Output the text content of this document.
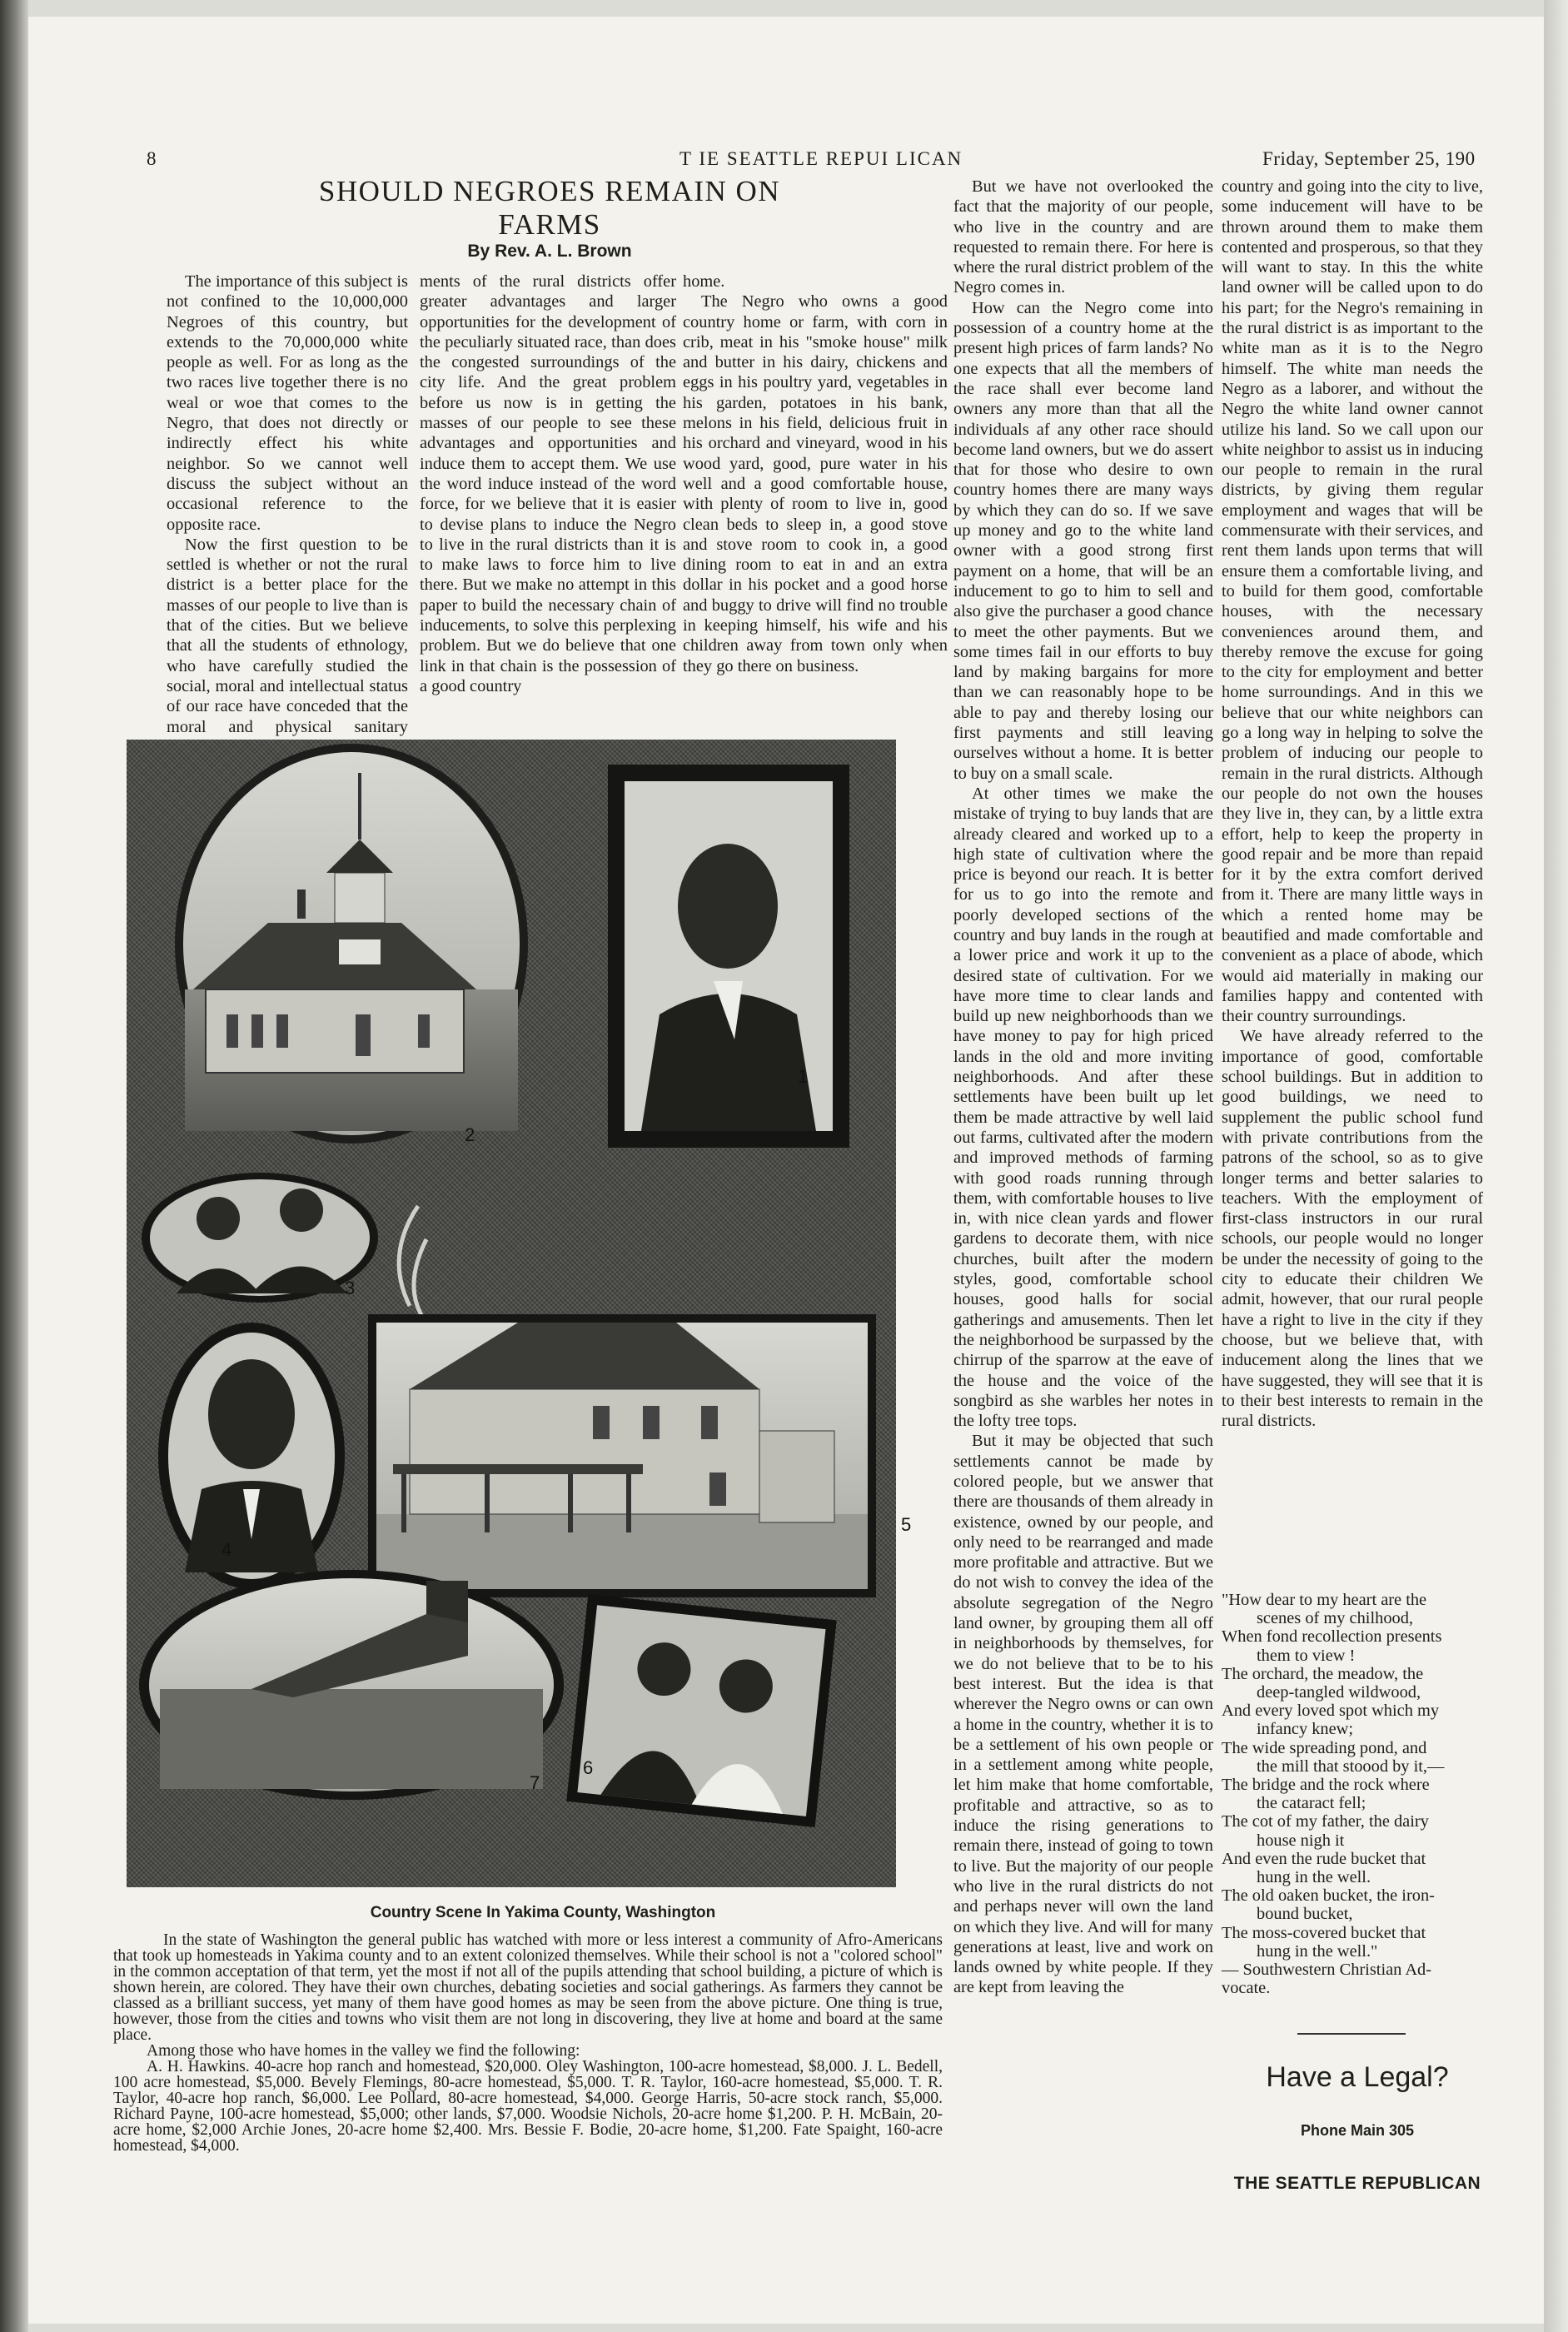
8	T IE SEATTLE REPUI LICAN	Friday, September 25, 190
SHOULD NEGROES REMAIN ON FARMS
By Rev. A. L. Brown

The importance of this subject is not confined to the 10,000,000 Negroes of this country, but extends to the 70,000,000 white people as well. For as long as the two races live together there is no weal or woe that comes to the Negro, that does not directly or indirectly effect his white neighbor. So we cannot well discuss the subject without an occasional reference to the opposite race.

Now the first question to be settled is whether or not the rural district is a better place for the masses of our people to live than is that of the cities. But we believe that all the students of ethnology, who have carefully studied the social, moral and intellectual status of our race have conceded that the moral and physical sanitary

ments of the rural districts offer greater advantages and larger opportunities for the development of the peculiarly situated race, than does the congested surroundings of the city life. And the great problem before us now is in getting the masses of our people to see these advantages and opportunities and induce them to accept them. We use the word induce instead of the word force, for we believe that it is easier to devise plans to induce the Negro to live in the rural districts than it is to make laws to force him to live there. But we make no attempt in this paper to build the necessary chain of inducements, to solve this perplexing problem. But we do believe that one link in that chain is the possession of a good country

home.

The Negro who owns a good country home or farm, with corn in crib, meat in his "smoke house" milk and butter in his dairy, chickens and eggs in his poultry yard, vegetables in his garden, potatoes in his bank, melons in his field, delicious fruit in his orchard and vineyard, wood in his wood yard, good, pure water in his well and a good comfortable house, with plenty of room to live in, good clean beds to sleep in, a good stove and stove room to cook in, a good dining room to eat in and an extra dollar in his pocket and a good horse and buggy to drive will find no trouble in keeping himself, his wife and his children away from town only when they go there on business.

But we have not overlooked the fact that the majority of our people, who live in the country and are requested to remain there. For here is where the rural district problem of the Negro comes in.

How can the Negro come into possession of a country home at the present high prices of farm lands? No one expects that all the members of the race shall ever become land owners any more than that all the individuals af any other race should become land owners, but we do assert that for those who desire to own country homes there are many ways by which they can do so. If we save up money and go to the white land owner with a good strong first payment on a home, that will be an inducement to go to him to sell and also give the purchaser a good chance to meet the other payments. But we some times fail in our efforts to buy land by making bargains for more than we can reasonably hope to be able to pay and thereby losing our first payments and still leaving ourselves without a home. It is better to buy on a small scale.

At other times we make the mistake of trying to buy lands that are already cleared and worked up to a high state of cultivation where the price is beyond our reach. It is better for us to go into the remote and poorly developed sections of the country and buy lands in the rough at a lower price and work it up to the desired state of cultivation. For we have more time to clear lands and build up new neighborhoods than we have money to pay for high priced lands in the old and more inviting neighborhoods. And after these settlements have been built up let them be made attractive by well laid out farms, cultivated after the modern and improved methods of farming with good roads running through them, with comfortable houses to live in, with nice clean yards and flower gardens to decorate them, with nice churches, built after the modern styles, good, comfortable school houses, good halls for social gatherings and amusements. Then let the neighborhood be surpassed by the chirrup of the sparrow at the eave of the house and the voice of the songbird as she warbles her notes in the lofty tree tops.

But it may be objected that such settlements cannot be made by colored people, but we answer that there are thousands of them already in existence, owned by our people, and only need to be rearranged and made more profitable and attractive. But we do not wish to convey the idea of the absolute segregation of the Negro land owner, by grouping them all off in neighborhoods by themselves, for we do not believe that to be to his best interest. But the idea is that wherever the Negro owns or can own a home in the country, whether it is to be a settlement of his own people or in a settlement among white people, let him make that home comfortable, profitable and attractive, so as to induce the rising generations to remain there, instead of going to town to live. But the majority of our people who live in the rural districts do not and perhaps never will own the land on which they live. And will for many generations at least, live and work on lands owned by white people. If they are kept from leaving the

country and going into the city to live, some inducement will have to be thrown around them to make them contented and prosperous, so that they will want to stay. In this the white land owner will be called upon to do his part; for the Negro's remaining in the rural district is as important to the white man as it is to the Negro himself. The white man needs the Negro as a laborer, and without the Negro the white land owner cannot utilize his land. So we call upon our white neighbor to assist us in inducing our people to remain in the rural districts, by giving them regular employment and wages that will be commensurate with their services, and rent them lands upon terms that will ensure them a comfortable living, and to build for them good, comfortable houses, with the necessary conveniences around them, and thereby remove the excuse for going to the city for employment and better home surroundings. And in this we believe that our white neighbors can go a long way in helping to solve the problem of inducing our people to remain in the rural districts. Although our people do not own the houses they live in, they can, by a little extra effort, help to keep the property in good repair and be more than repaid for it by the extra comfort derived from it. There are many little ways in which a rented home may be beautified and made comfortable and convenient as a place of abode, which would aid materially in making our families happy and contented with their country surroundings.

We have already referred to the importance of good, comfortable school buildings. But in addition to good buildings, we need to supplement the public school fund with private contributions from the patrons of the school, so as to give longer terms and better salaries to teachers. With the employment of first-class instructors in our rural schools, our people would no longer be under the necessity of going to the city to educate their children We admit, however, that our rural people have a right to live in the city if they choose, but we believe that, with inducement along the lines that we have suggested, they will see that it is to their best interests to remain in the rural districts.

1
2
3
4
5
6
7
Country Scene In Yakima County, Washington

In the state of Washington the general public has watched with more or less interest a community of Afro-Americans that took up homesteads in Yakima county and to an extent colonized themselves. While their school is not a "colored school" in the common acceptation of that term, yet the most if not all of the pupils attending that school building, a picture of which is shown herein, are colored. They have their own churches, debating societies and social gatherings. As farmers they cannot be classed as a brilliant success, yet many of them have good homes as may be seen from the above picture. One thing is true, however, those from the cities and towns who visit them are not long in discovering, they live at home and board at the same place.

Among those who have homes in the valley we find the following:

A. H. Hawkins. 40-acre hop ranch and homestead, $20,000. Oley Washington, 100-acre homestead, $8,000. J. L. Bedell, 100 acre homestead, $5,000. Bevely Flemings, 80-acre homestead, $5,000. T. R. Taylor, 160-acre homestead, $5,000. T. R. Taylor, 40-acre hop ranch, $6,000. Lee Pollard, 80-acre homestead, $4,000. George Harris, 50-acre stock ranch, $5,000. Richard Payne, 100-acre homestead, $5,000; other lands, $7,000. Woodsie Nichols, 20-acre home $1,200. P. H. McBain, 20-acre home, $2,000 Archie Jones, 20-acre home $2,400. Mrs. Bessie F. Bodie, 20-acre home, $1,200. Fate Spaight, 160-acre homestead, $4,000.

"How dear to my heart are the
scenes of my chilhood,
When fond recollection presents
them to view !
The orchard, the meadow, the
deep-tangled wildwood,
And every loved spot which my
infancy knew;
The wide spreading pond, and
the mill that stoood by it,—
The bridge and the rock where
the cataract fell;
The cot of my father, the dairy
house nigh it
And even the rude bucket that
hung in the well.
The old oaken bucket, the iron-
bound bucket,
The moss-covered bucket that
hung in the well."
— Southwestern Christian Ad-
vocate.
Have a Legal?
Phone Main 305
THE SEATTLE REPUBLICAN
